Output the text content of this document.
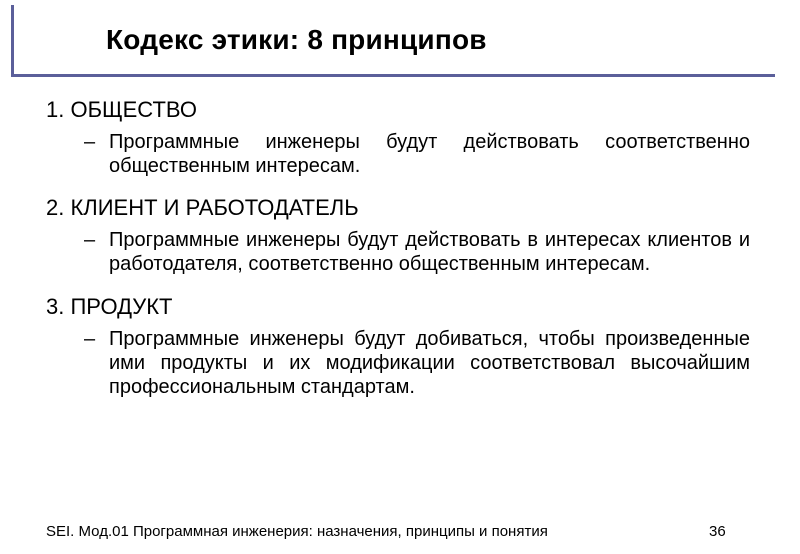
Кодекс этики: 8 принципов
1. ОБЩЕСТВО
– Программные инженеры будут действовать соответственно общественным интересам.
2. КЛИЕНТ И РАБОТОДАТЕЛЬ
– Программные инженеры будут действовать в интересах клиентов и работодателя, соответственно общественным интересам.
3. ПРОДУКТ
– Программные инженеры будут добиваться, чтобы произведенные ими продукты и их модификации соответствовал высочайшим профессиональным стандартам.
SEI. Мод.01 Программная инженерия: назначения, принципы и понятия	36
